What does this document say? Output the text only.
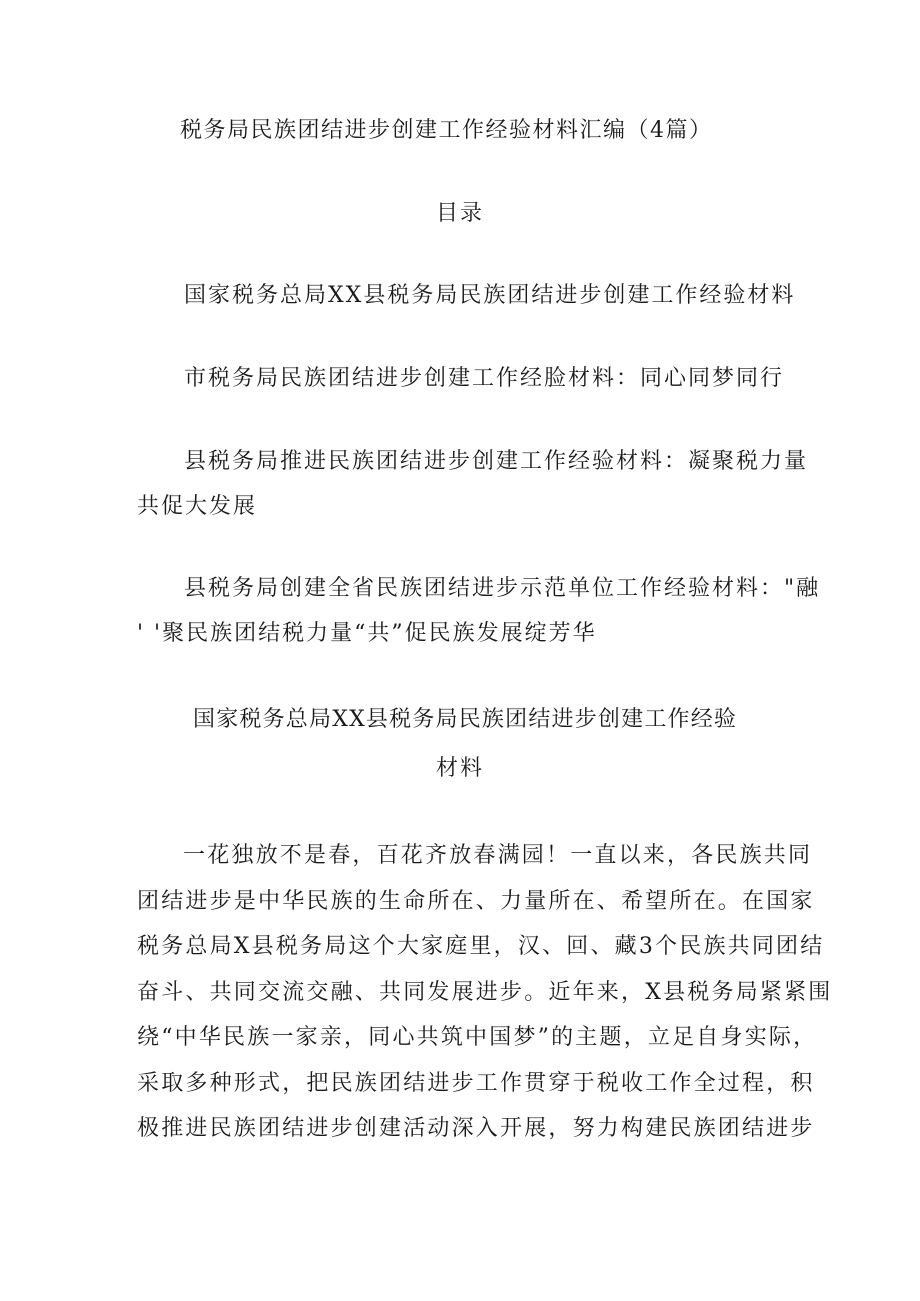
税务局民族团结进步创建工作经验材料汇编（4篇）
目录
国家税务总局XX县税务局民族团结进步创建工作经验材料
市税务局民族团结进步创建工作经脸材料：同心同梦同行
县税务局推进民族团结进步创建工作经验材料：凝聚税力量
共促大发展
县税务局创建全省民族团结进步示范单位工作经验材料："融
' '聚民族团结税力量“共”促民族发展绽芳华
国家税务总局XX县税务局民族团结进步创建工作经验
材料
一花独放不是春，百花齐放春满园！一直以来，各民族共同
团结进步是中华民族的生命所在、力量所在、希望所在。在国家
税务总局X县税务局这个大家庭里，汉、回、藏3个民族共同团结
奋斗、共同交流交融、共同发展进步。近年来，X县税务局紧紧围
绕“中华民族一家亲，同心共筑中国梦”的主题，立足自身实际，
采取多种形式，把民族团结进步工作贯穿于税收工作全过程，积
极推进民族团结进步创建活动深入开展，努力构建民族团结进步
